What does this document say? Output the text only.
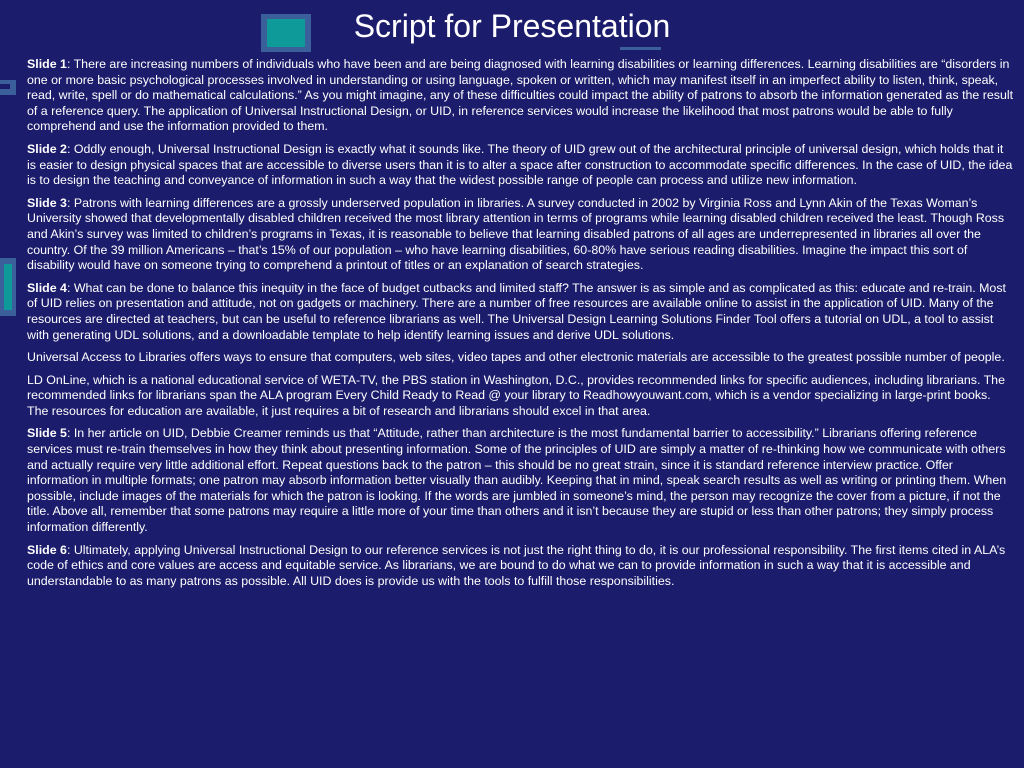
Script for Presentation

Slide 1: There are increasing numbers of individuals who have been and are being diagnosed with learning disabilities or learning differences. Learning disabilities are “disorders in one or more basic psychological processes involved in understanding or using language, spoken or written, which may manifest itself in an imperfect ability to listen, think, speak, read, write, spell or do mathematical calculations.” As you might imagine, any of these difficulties could impact the ability of patrons to absorb the information generated as the result of a reference query. The application of Universal Instructional Design, or UID, in reference services would increase the likelihood that most patrons would be able to fully comprehend and use the information provided to them.

Slide 2: Oddly enough, Universal Instructional Design is exactly what it sounds like. The theory of UID grew out of the architectural principle of universal design, which holds that it is easier to design physical spaces that are accessible to diverse users than it is to alter a space after construction to accommodate specific differences. In the case of UID, the idea is to design the teaching and conveyance of information in such a way that the widest possible range of people can process and utilize new information.

Slide 3: Patrons with learning differences are a grossly underserved population in libraries. A survey conducted in 2002 by Virginia Ross and Lynn Akin of the Texas Woman’s University showed that developmentally disabled children received the most library attention in terms of programs while learning disabled children received the least. Though Ross and Akin’s survey was limited to children’s programs in Texas, it is reasonable to believe that learning disabled patrons of all ages are underrepresented in libraries all over the country. Of the 39 million Americans – that’s 15% of our population – who have learning disabilities, 60-80% have serious reading disabilities. Imagine the impact this sort of disability would have on someone trying to comprehend a printout of titles or an explanation of search strategies.

Slide 4: What can be done to balance this inequity in the face of budget cutbacks and limited staff? The answer is as simple and as complicated as this: educate and re-train. Most of UID relies on presentation and attitude, not on gadgets or machinery. There are a number of free resources are available online to assist in the application of UID. Many of the resources are directed at teachers, but can be useful to reference librarians as well. The Universal Design Learning Solutions Finder Tool offers a tutorial on UDL, a tool to assist with generating UDL solutions, and a downloadable template to help identify learning issues and derive UDL solutions.

Universal Access to Libraries offers ways to ensure that computers, web sites, video tapes and other electronic materials are accessible to the greatest possible number of people.

LD OnLine, which is a national educational service of WETA-TV, the PBS station in Washington, D.C., provides recommended links for specific audiences, including librarians. The recommended links for librarians span the ALA program Every Child Ready to Read @ your library to Readhowyouwant.com, which is a vendor specializing in large-print books. The resources for education are available, it just requires a bit of research and librarians should excel in that area.

Slide 5: In her article on UID, Debbie Creamer reminds us that “Attitude, rather than architecture is the most fundamental barrier to accessibility.” Librarians offering reference services must re-train themselves in how they think about presenting information. Some of the principles of UID are simply a matter of re-thinking how we communicate with others and actually require very little additional effort. Repeat questions back to the patron – this should be no great strain, since it is standard reference interview practice. Offer information in multiple formats; one patron may absorb information better visually than audibly. Keeping that in mind, speak search results as well as writing or printing them. When possible, include images of the materials for which the patron is looking. If the words are jumbled in someone’s mind, the person may recognize the cover from a picture, if not the title. Above all, remember that some patrons may require a little more of your time than others and it isn’t because they are stupid or less than other patrons; they simply process information differently.

Slide 6: Ultimately, applying Universal Instructional Design to our reference services is not just the right thing to do, it is our professional responsibility. The first items cited in ALA’s code of ethics and core values are access and equitable service. As librarians, we are bound to do what we can to provide information in such a way that it is accessible and understandable to as many patrons as possible. All UID does is provide us with the tools to fulfill those responsibilities.
